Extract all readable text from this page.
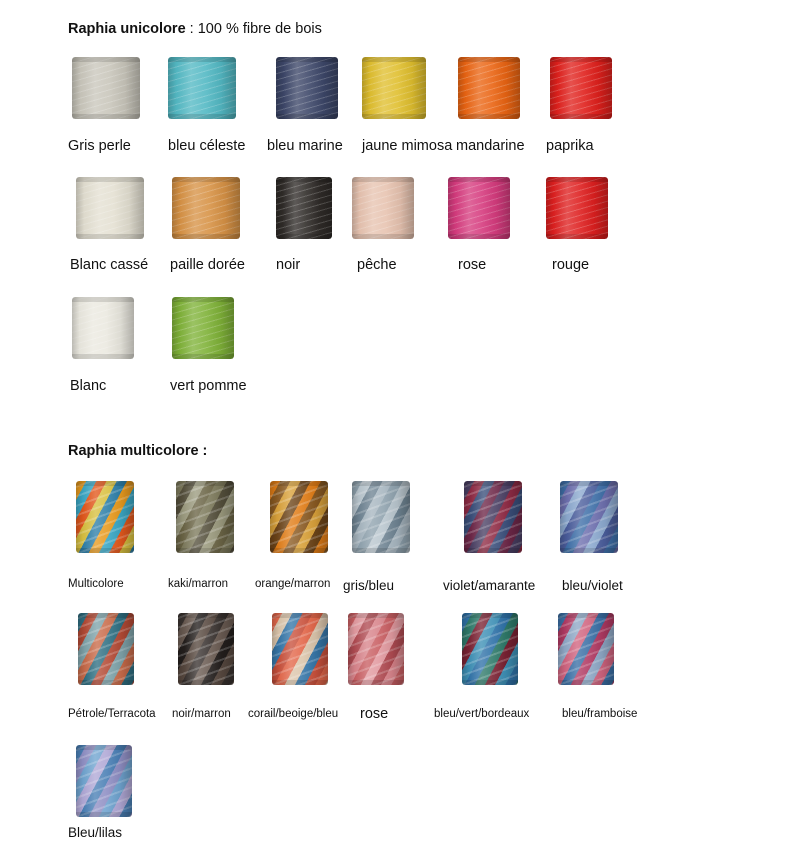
Raphia unicolore : 100 % fibre de bois
Raphia multicolore :
Gris perle	bleu céleste bleu marine jaune mimosa mandarine paprika
Blanc cassé paille dorée noir	pêche	rose	rouge
Blanc	vert pomme
Multicolore	kaki/marron orange/marron gris/bleu	violet/amarante bleu/violet
Pétrole/Terracota noir/marron corail/beoige/bleu rose	bleu/vert/bordeaux	bleu/framboise
Bleu/lilas
